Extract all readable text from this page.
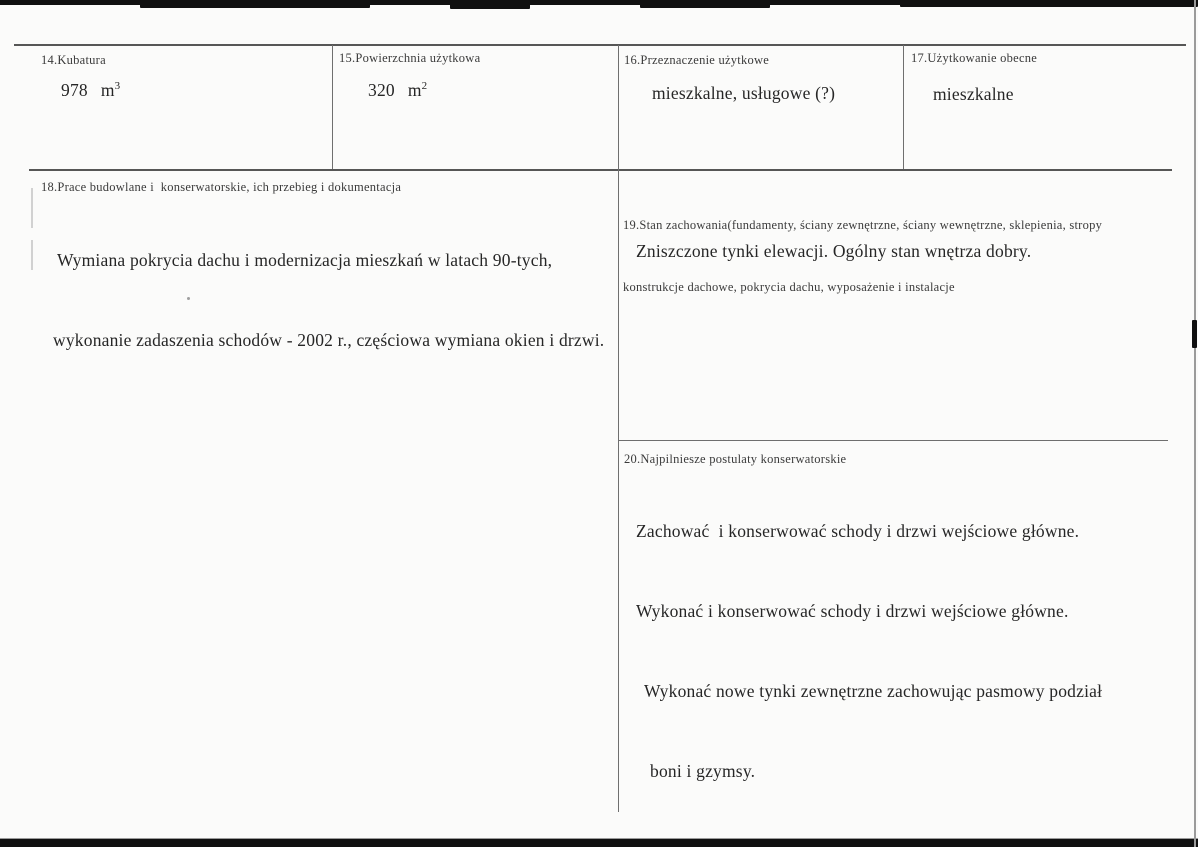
14.Kubatura
978 $m^3$
15.Powierzchnia użytkowa
320 $m^2$
16.Przeznaczenie użytkowe
mieszkalne, usługowe (?)
17.Użytkowanie obecne
mieszkalne
18.Prace budowlane i  konserwatorskie, ich przebieg i dokumentacja

Wymiana pokrycia dachu i modernizacja mieszkań w latach 90-tych,

wykonanie zadaszenia schodów - 2002 r., częściowa wymiana okien i drzwi.

19.Stan zachowania(fundamenty, ściany zewnętrzne, ściany wewnętrzne, sklepienia, stropy

konstrukcje dachowe, pokrycia dachu, wyposażenie i instalacje

Zniszczone tynki elewacji. Ogólny stan wnętrza dobry.
20.Najpilniesze postulaty konserwatorskie

Zachować  i konserwować schody i drzwi wejściowe główne.

Wykonać i konserwować schody i drzwi wejściowe główne.

Wykonać nowe tynki zewnętrzne zachowując pasmowy podział

boni i gzymsy.
